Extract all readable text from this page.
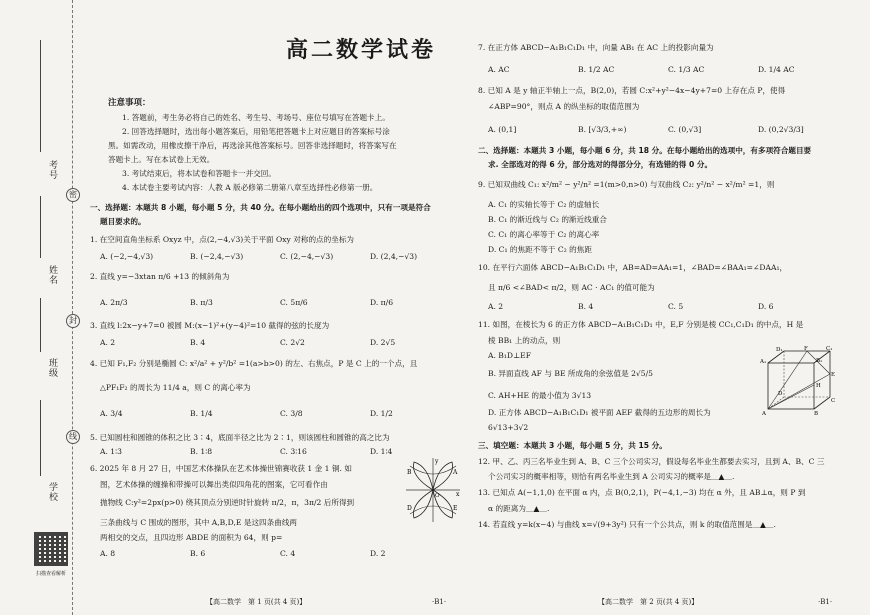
密
封
线
考号
姓名
班级
学校
扫描查看解析
高二数学试卷
注意事项：
1. 答题前，考生务必将自己的姓名、考生号、考场号、座位号填写在答题卡上。
2. 回答选择题时，选出每小题答案后，用铅笔把答题卡上对应题目的答案标号涂
黑。如需改动，用橡皮擦干净后，再选涂其他答案标号。回答非选择题时，将答案写在
答题卡上。写在本试卷上无效。
3. 考试结束后，将本试卷和答题卡一并交回。
4. 本试卷主要考试内容：人教 A 版必修第二册第八章至选择性必修第一册。
一、选择题：本题共 8 小题，每小题 5 分，共 40 分。在每小题给出的四个选项中，只有一项是符合
题目要求的。
1. 在空间直角坐标系 Oxyz 中，点(2,−4,√3)关于平面 Oxy 对称的点的坐标为
A. (−2,−4,√3)	B. (−2,4,−√3)	C. (2,−4,−√3)	D. (2,4,−√3)
2. 直线 y=−3xtan π/6 +13 的倾斜角为
A. 2π/3	B. π/3	C. 5π/6	D. π/6
3. 直线 l:2x−y+7=0 被圆 M:(x−1)²+(y−4)²=10 截得的弦的长度为
A. 2	B. 4	C. 2√2	D. 2√5
4. 已知 F₁,F₂ 分别是椭圆 C: x²/a² + y²/b² =1(a>b>0) 的左、右焦点，P 是 C 上的一个点，且
△PF₁F₂ 的周长为 11/4 a，则 C 的离心率为
A. 3/4	B. 1/4	C. 3/8	D. 1/2
5. 已知圆柱和圆锥的体积之比 3∶4，底面半径之比为 2∶1，则该圆柱和圆锥的高之比为
A. 1∶3	B. 1∶8	C. 3∶16	D. 1∶4
6. 2025 年 8 月 27 日，中国艺术体操队在艺术体操世锦赛收获 1 金 1 铜. 如
图，艺术体操的缠操和带操可以舞出类似四角花的图案，它可看作由
抛物线 C:y²=2px(p>0) 绕其顶点分别逆时针旋转 π/2，π，3π/2 后所得到
三条曲线与 C 围成的图形，其中 A,B,D,E 是这四条曲线两
两相交的交点，且四边形 ABDE 的面积为 64，则 p=
A. 8	B. 6	C. 4	D. 2
y
x
A
B
D	E
O
【高二数学　第 1 页(共 4 页)】	·B1·
7. 在正方体 ABCD−A₁B₁C₁D₁ 中，向量 AB₁ 在 AC 上的投影向量为
A. AC	B. 1/2 AC	C. 1/3 AC	D. 1/4 AC
8. 已知 A 是 y 轴正半轴上一点，B(2,0)，若圆 C:x²+y²−4x−4y+7=0 上存在点 P，使得
∠ABP=90°，则点 A 的纵坐标的取值范围为
A. (0,1]	B. [√3/3,+∞)	C. (0,√3]	D. (0,2√3/3]
二、选择题：本题共 3 小题，每小题 6 分，共 18 分。在每小题给出的选项中，有多项符合题目要
求. 全部选对的得 6 分，部分选对的得部分分，有选错的得 0 分。
9. 已知双曲线 C₁: x²/m² − y²/n² =1(m>0,n>0) 与双曲线 C₂: y²/n² − x²/m² =1，则
A. C₁ 的实轴长等于 C₂ 的虚轴长
B. C₁ 的渐近线与 C₂ 的渐近线重合
C. C₁ 的离心率等于 C₂ 的离心率
D. C₁ 的焦距不等于 C₂ 的焦距
10. 在平行六面体 ABCD−A₁B₁C₁D₁ 中，AB=AD=AA₁=1，∠BAD=∠BAA₁=∠DAA₁，
且 π/6 <∠BAD< π/2，则 AC · AC₁ 的值可能为
A. 2	B. 4	C. 5	D. 6
11. 如图，在棱长为 6 的正方体 ABCD−A₁B₁C₁D₁ 中，E,F 分别是棱 CC₁,C₁D₁ 的中点，H 是
棱 BB₁ 上的动点，则
A. B₁D⊥EF
B. 异面直线 AF 与 BE 所成角的余弦值是 2√5/5
C. AH+HE 的最小值为 3√13
D. 正方体 ABCD−A₁B₁C₁D₁ 被平面 AEF 截得的五边形的周长为
6√13+3√2
D₁	C₁
A₁	B₁
F
E
H
D
C
A	B
三、填空题：本题共 3 小题，每小题 5 分，共 15 分。
12. 甲、乙、丙三名毕业生到 A、B、C 三个公司实习，假设每名毕业生都要去实习，且到 A、B、C 三
个公司实习的概率相等，则恰有两名毕业生到 A 公司实习的概率是＿▲＿.
13. 已知点 A(−1,1,0) 在平面 α 内，点 B(0,2,1)，P(−4,1,−3) 均在 α 外，且 AB⊥α，则 P 到
α 的距离为＿▲＿.
14. 若直线 y=k(x−4) 与曲线 x=√(9+3y²) 只有一个公共点，则 k 的取值范围是＿▲＿.
【高二数学　第 2 页(共 4 页)】	·B1·
